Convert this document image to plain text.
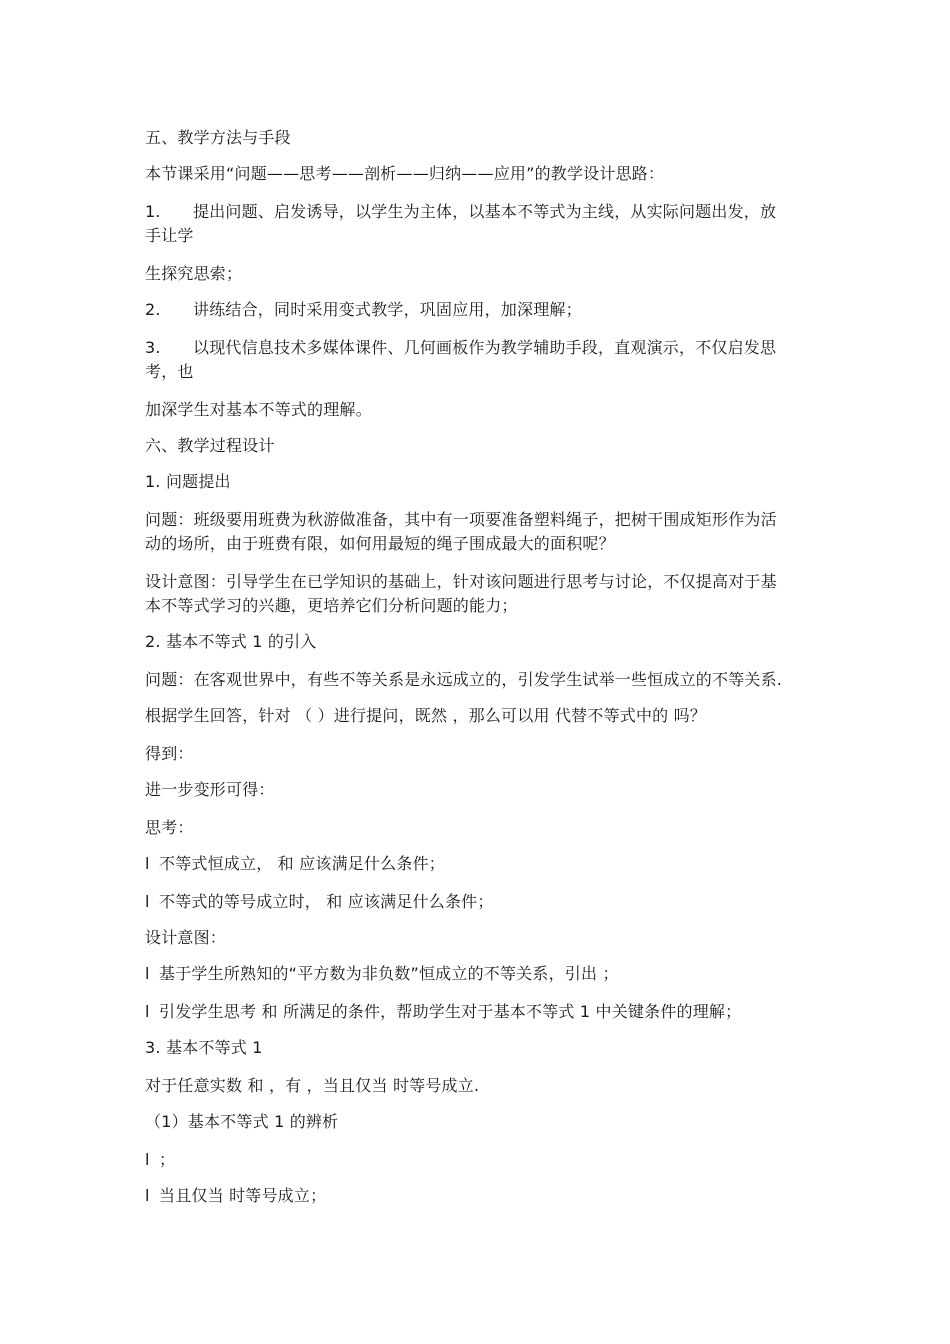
五、教学方法与手段
本节课采用“问题——思考——剖析——归纳——应用”的教学设计思路：
1. 提出问题、启发诱导，以学生为主体，以基本不等式为主线，从实际问题出发，放
手让学
生探究思索；
2. 讲练结合，同时采用变式教学，巩固应用，加深理解；
3. 以现代信息技术多媒体课件、几何画板作为教学辅助手段，直观演示，不仅启发思
考，也
加深学生对基本不等式的理解。
六、教学过程设计
1. 问题提出
问题：班级要用班费为秋游做准备，其中有一项要准备塑料绳子，把树干围成矩形作为活
动的场所，由于班费有限，如何用最短的绳子围成最大的面积呢？
设计意图：引导学生在已学知识的基础上，针对该问题进行思考与讨论，不仅提高对于基
本不等式学习的兴趣，更培养它们分析问题的能力；
2. 基本不等式 1 的引入
问题：在客观世界中，有些不等关系是永远成立的，引发学生试举一些恒成立的不等关系.
根据学生回答，针对 （ ）进行提问，既然 ，那么可以用 代替不等式中的 吗？
得到：
进一步变形可得：
思考：
l 不等式恒成立， 和 应该满足什么条件；
l 不等式的等号成立时， 和 应该满足什么条件；
设计意图：
l 基于学生所熟知的“平方数为非负数”恒成立的不等关系，引出 ；
l 引发学生思考 和 所满足的条件，帮助学生对于基本不等式 1 中关键条件的理解；
3. 基本不等式 1
对于任意实数 和 ，有 ，当且仅当 时等号成立.
（1）基本不等式 1 的辨析
l ；
l 当且仅当 时等号成立；
